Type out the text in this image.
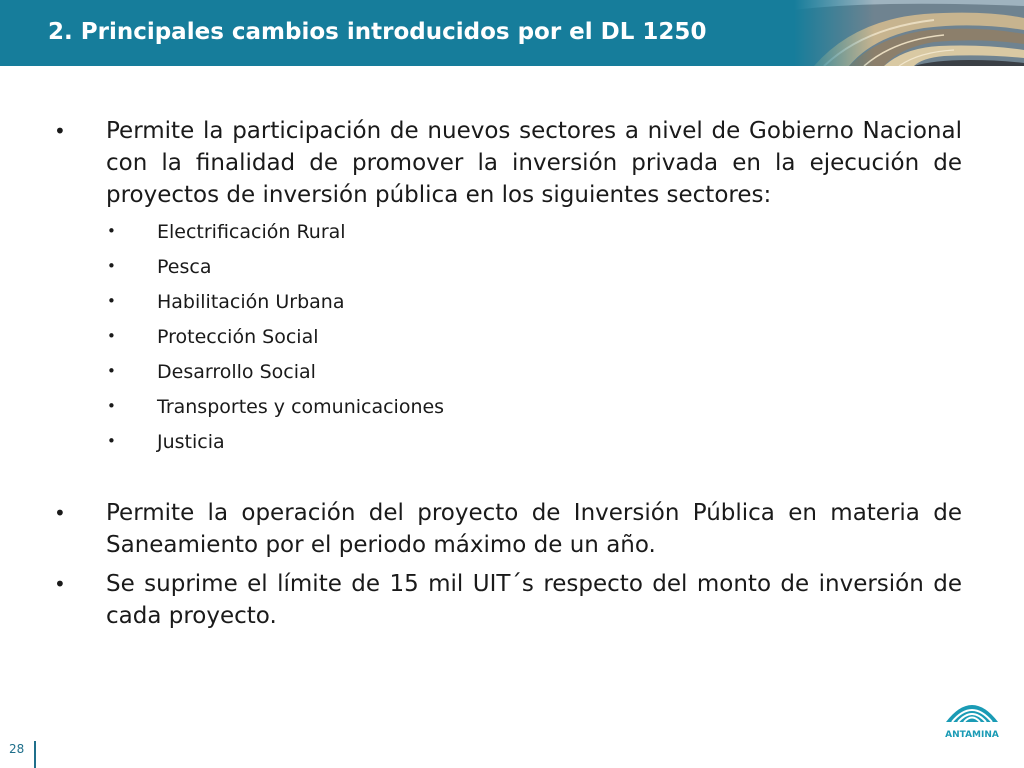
2. Principales cambios introducidos por el DL 1250
• Permite la participación de nuevos sectores a nivel de Gobierno Nacional con la finalidad de promover la inversión privada en la ejecución de proyectos de inversión pública en los siguientes sectores:
• Electrificación Rural
• Pesca
• Habilitación Urbana
• Protección Social
• Desarrollo Social
• Transportes y comunicaciones
• Justicia
• Permite la operación del proyecto de Inversión Pública en materia de Saneamiento por el periodo máximo de un año.
• Se suprime el límite de 15 mil UIT´s respecto del monto de inversión de cada proyecto.
28
ANTAMINA
